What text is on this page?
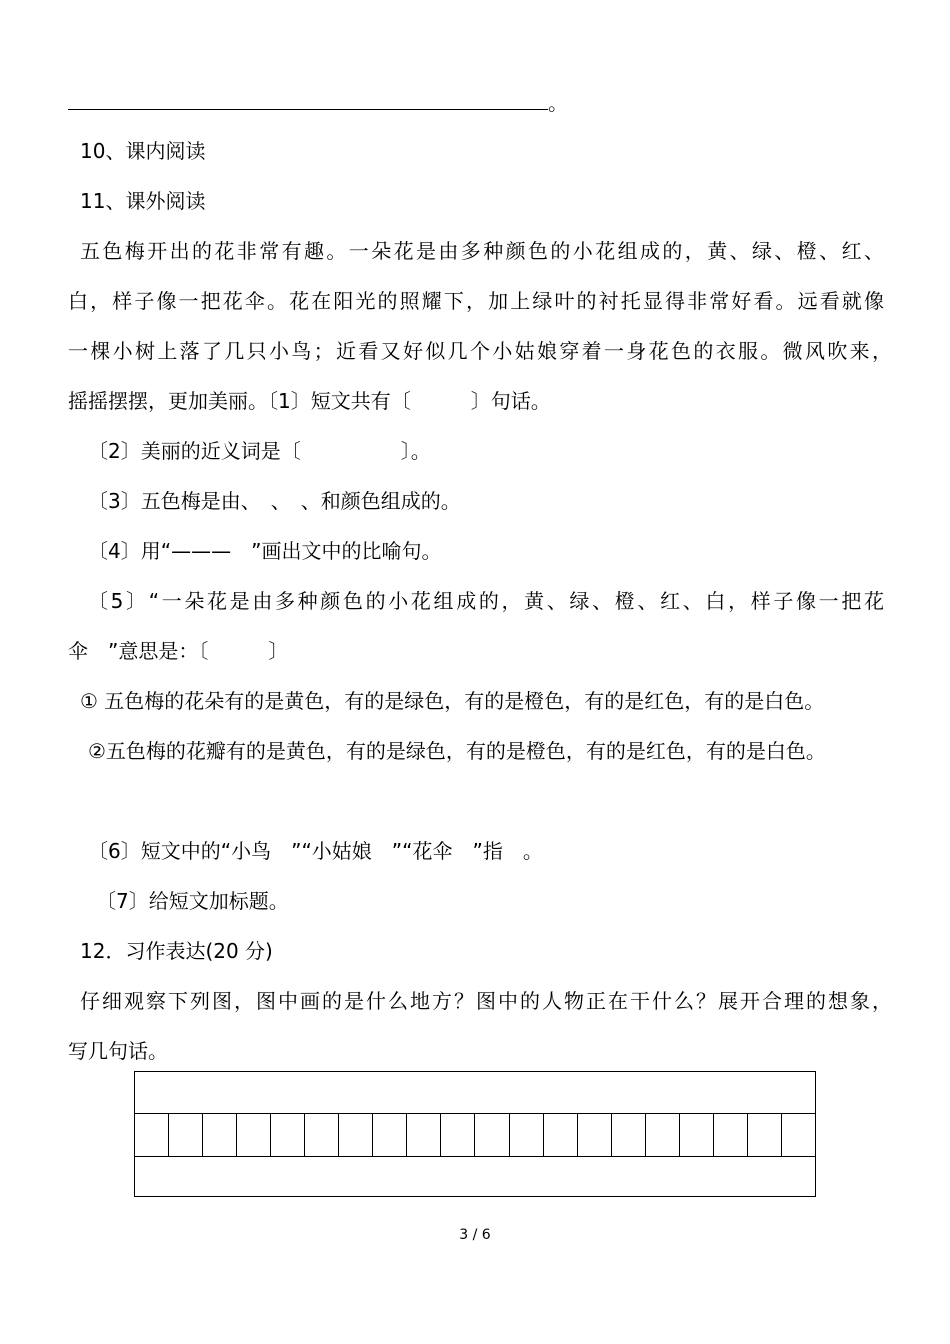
。
10、课内阅读
11、课外阅读
五色梅开出的花非常有趣。一朵花是由多种颜色的小花组成的，黄、绿、橙、红、
白，样子像一把花伞。花在阳光的照耀下，加上绿叶的衬托显得非常好看。远看就像
一棵小树上落了几只小鸟；近看又好似几个小姑娘穿着一身花色的衣服。微风吹来，
摇摇摆摆，更加美丽。〔1〕短文共有〔　　　〕句话。
〔2〕美丽的近义词是〔　　　　　〕。
〔3〕五色梅是由、　、　、和颜色组成的。
〔4〕用“———　”画出文中的比喻句。
〔5〕“一朵花是由多种颜色的小花组成的，黄、绿、橙、红、白，样子像一把花
伞　”意思是：〔　　　〕
① 五色梅的花朵有的是黄色，有的是绿色，有的是橙色，有的是红色，有的是白色。
②五色梅的花瓣有的是黄色，有的是绿色，有的是橙色，有的是红色，有的是白色。
〔6〕短文中的“小鸟　”“小姑娘　”“花伞　”指　。
〔7〕给短文加标题。
12．习作表达(20 分)
仔细观察下列图，图中画的是什么地方？图中的人物正在干什么？展开合理的想象，
写几句话。
3 / 6
